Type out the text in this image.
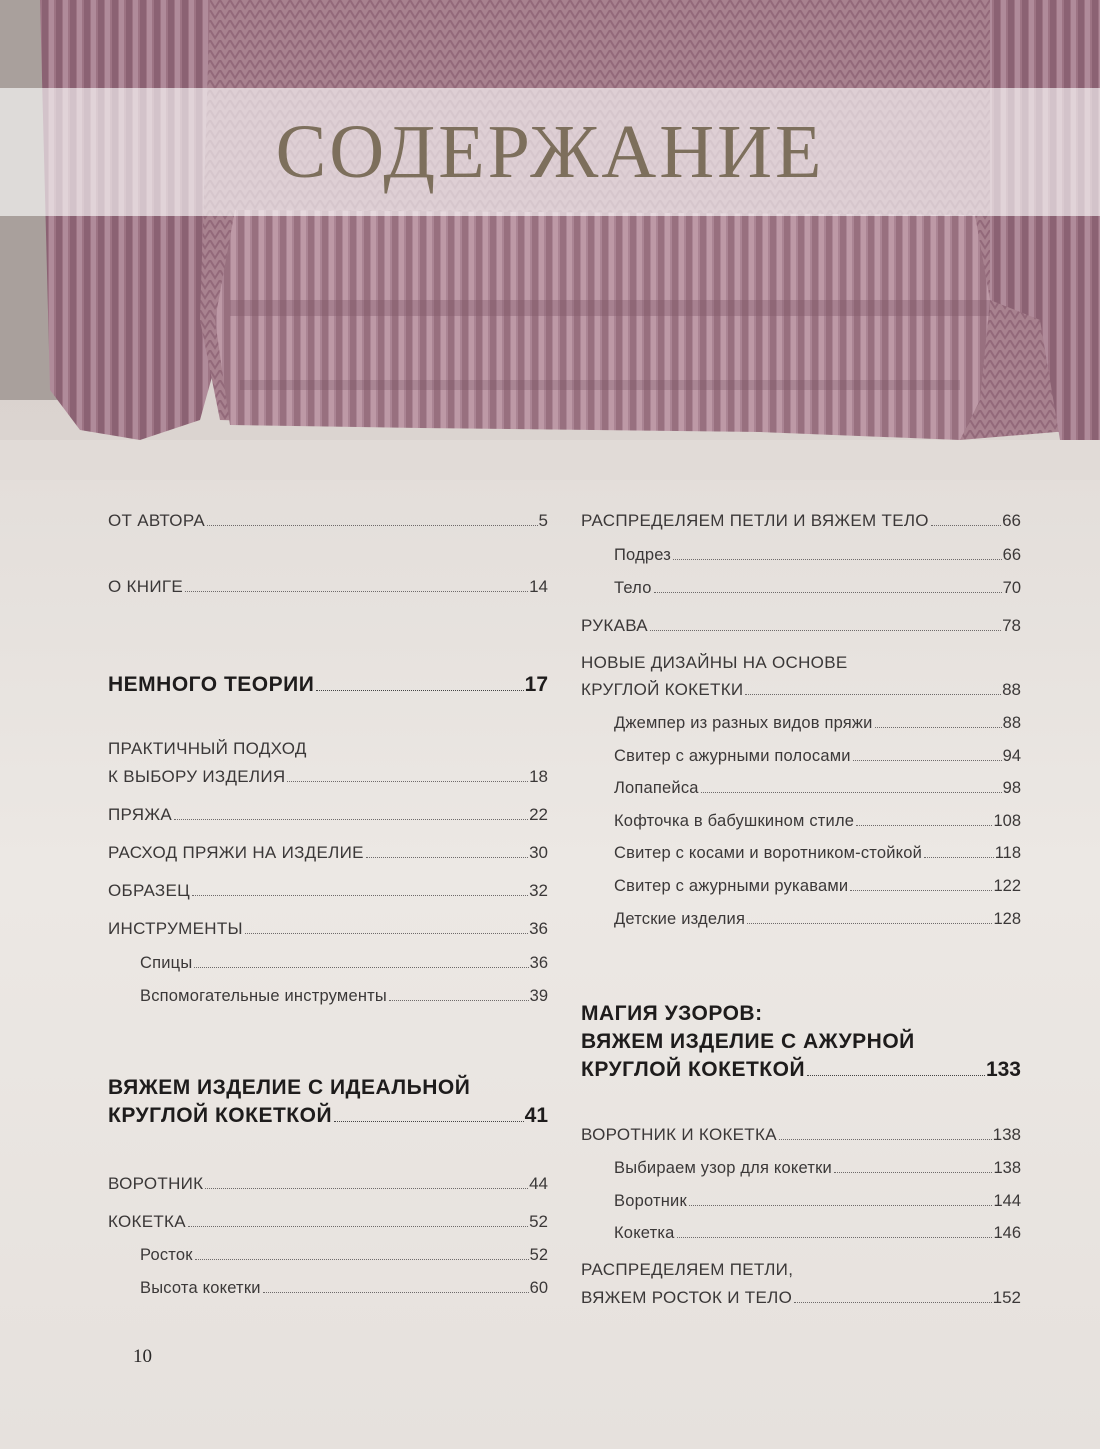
СОДЕРЖАНИЕ
ОТ АВТОРА	5
О КНИГЕ	14
НЕМНОГО ТЕОРИИ	17
ПРАКТИЧНЫЙ ПОДХОД
К ВЫБОРУ ИЗДЕЛИЯ	18
ПРЯЖА	22
РАСХОД ПРЯЖИ НА ИЗДЕЛИЕ	30
ОБРАЗЕЦ	32
ИНСТРУМЕНТЫ	36
Спицы	36
Вспомогательные инструменты	39
ВЯЖЕМ ИЗДЕЛИЕ С ИДЕАЛЬНОЙ
КРУГЛОЙ КОКЕТКОЙ	41
ВОРОТНИК	44
КОКЕТКА	52
Росток	52
Высота кокетки	60
РАСПРЕДЕЛЯЕМ ПЕТЛИ И ВЯЖЕМ ТЕЛО	66
Подрез	66
Тело	70
РУКАВА	78
НОВЫЕ ДИЗАЙНЫ НА ОСНОВЕ
КРУГЛОЙ КОКЕТКИ	88
Джемпер из разных видов пряжи	88
Свитер с ажурными полосами	94
Лопапейса	98
Кофточка в бабушкином стиле	108
Свитер с косами и воротником-стойкой	118
Свитер с ажурными рукавами	122
Детские изделия	128
МАГИЯ УЗОРОВ:
ВЯЖЕМ ИЗДЕЛИЕ С АЖУРНОЙ
КРУГЛОЙ КОКЕТКОЙ	133
ВОРОТНИК И КОКЕТКА	138
Выбираем узор для кокетки	138
Воротник	144
Кокетка	146
РАСПРЕДЕЛЯЕМ ПЕТЛИ,
ВЯЖЕМ РОСТОК И ТЕЛО	152
10
